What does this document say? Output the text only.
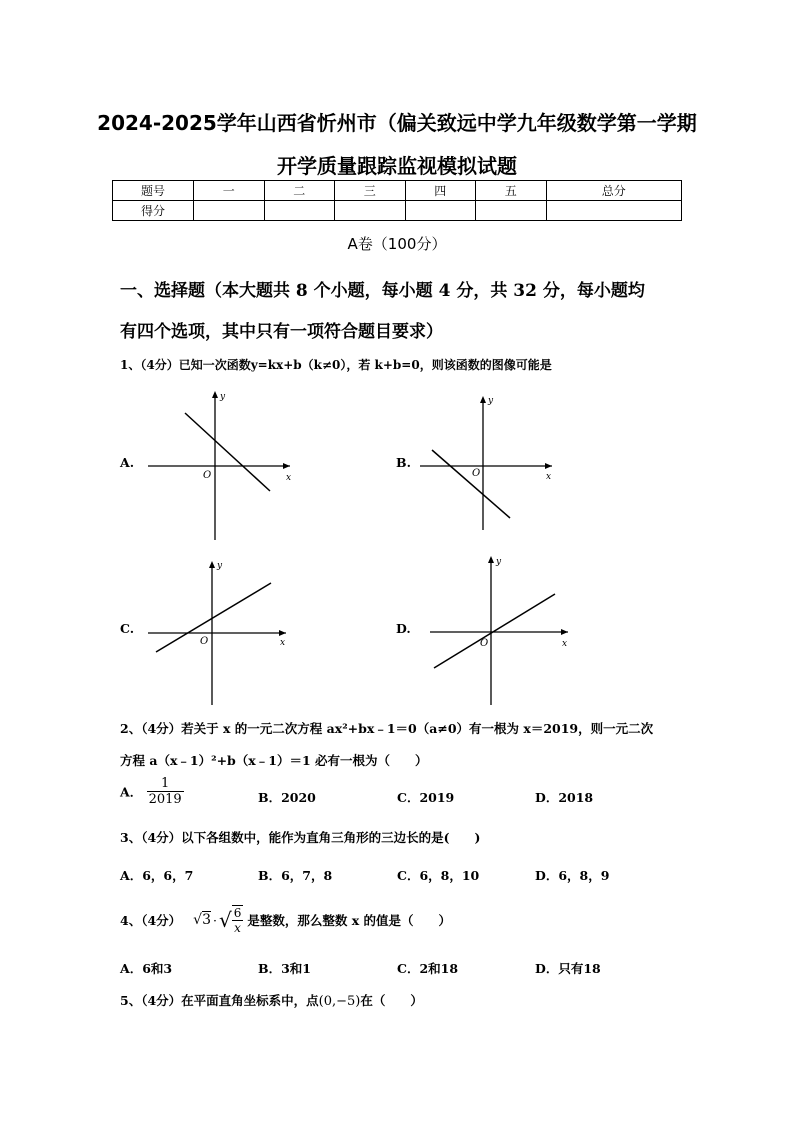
2024-2025学年山西省忻州市（偏关致远中学九年级数学第一学期
开学质量跟踪监视模拟试题
题号	一	二	三	四	五	总分
得分						
A卷（100分）
一、选择题（本大题共 8 个小题，每小题 4 分，共 32 分，每小题均
有四个选项，其中只有一项符合题目要求）
1、（4分）已知一次函数y=kx+b（k≠0），若 k+b=0，则该函数的图像可能是
A.	B.
C.	D.
O	x
y
O	x
y
O	x
y
O	x
y
2、（4分）若关于 x 的一元二次方程 ax²+bx﹣1＝0（a≠0）有一根为 x＝2019，则一元二次
方程 a（x﹣1）²+b（x﹣1）＝1 必有一根为（　　）
A． $\frac{1}{2019}$	B．2020	C．2019	D．2018
3、（4分）以下各组数中，能作为直角三角形的三边长的是(　　)
A．6，6，7	B．6，7，8	C．6，8，10	D．6，8，9
4、（4分） √3 · √ $\frac{6}{x}$ 是整数，那么整数 x 的值是（　　）
A．6和3	B．3和1	C．2和18	D．只有18
5、（4分）在平面直角坐标系中，点(0,−5)在（　　）
